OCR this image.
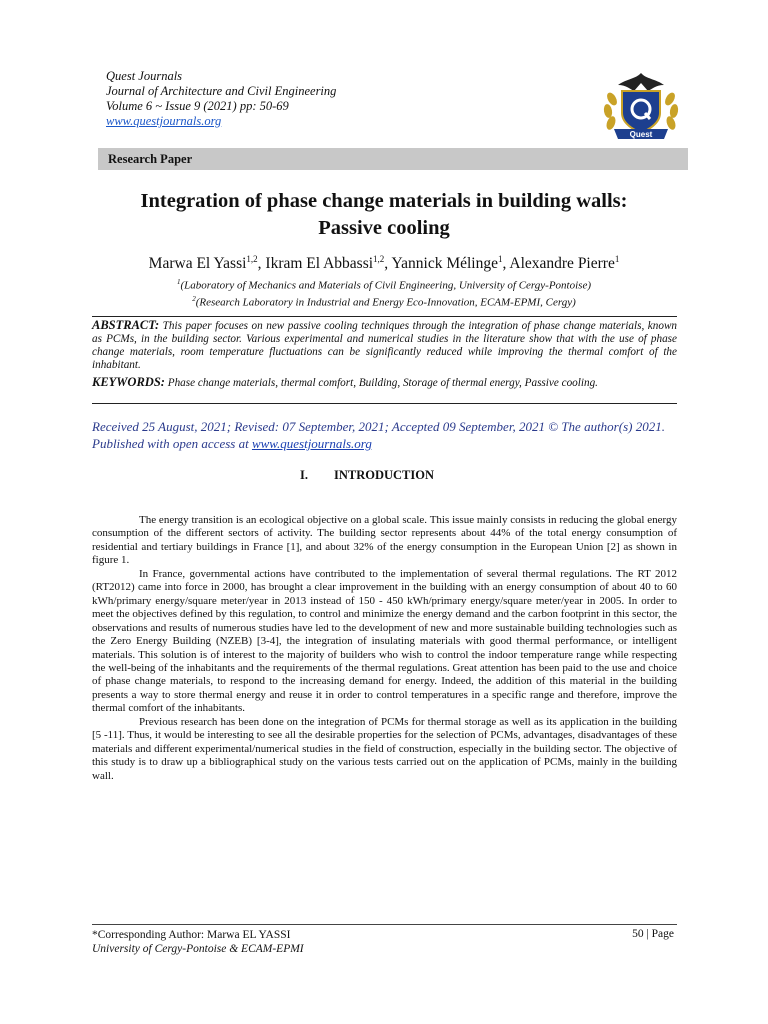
Quest Journals
Journal of Architecture and Civil Engineering
Volume 6 ~ Issue 9 (2021) pp: 50-69
www.questjournals.org
Quest
Research Paper
Integration of phase change materials in building walls:
Passive cooling
Marwa El Yassi$^{1,2}$, Ikram El Abbassi$^{1,2}$, Yannick Mélinge$^1$, Alexandre Pierre$^1$
$^1$(Laboratory of Mechanics and Materials of Civil Engineering, University of Cergy-Pontoise)
$^2$(Research Laboratory in Industrial and Energy Eco-Innovation, ECAM-EPMI, Cergy)
ABSTRACT: This paper focuses on new passive cooling techniques through the integration of phase change materials, known as PCMs, in the building sector. Various experimental and numerical studies in the literature show that with the use of phase change materials, room temperature fluctuations can be significantly reduced while improving the thermal comfort of the inhabitant.
KEYWORDS: Phase change materials, thermal comfort, Building, Storage of thermal energy, Passive cooling.
Received 25 August, 2021; Revised: 07 September, 2021; Accepted 09 September, 2021 © The author(s) 2021. Published with open access at www.questjournals.org
I. INTRODUCTION

The energy transition is an ecological objective on a global scale. This issue mainly consists in reducing the global energy consumption of the different sectors of activity. The building sector represents about 44% of the total energy consumption of residential and tertiary buildings in France [1], and about 32% of the energy consumption in the European Union [2] as shown in figure 1.

In France, governmental actions have contributed to the implementation of several thermal regulations. The RT 2012 (RT2012) came into force in 2000, has brought a clear improvement in the building with an energy consumption of about 40 to 60 kWh/primary energy/square meter/year in 2013 instead of 150 - 450 kWh/primary energy/square meter/year in 2005. In order to meet the objectives defined by this regulation, to control and minimize the energy demand and the carbon footprint in this sector, the observations and results of numerous studies have led to the development of new and more sustainable building technologies such as the Zero Energy Building (NZEB) [3-4], the integration of insulating materials with good thermal performance, or intelligent materials. This solution is of interest to the majority of builders who wish to control the indoor temperature range while respecting the well-being of the inhabitants and the requirements of the thermal regulations. Great attention has been paid to the use and choice of phase change materials, to respond to the increasing demand for energy. Indeed, the addition of this material in the building presents a way to store thermal energy and reuse it in order to control temperatures in a specific range and therefore, improve the thermal comfort of the inhabitants.

Previous research has been done on the integration of PCMs for thermal storage as well as its application in the building [5 -11]. Thus, it would be interesting to see all the desirable properties for the selection of PCMs, advantages, disadvantages of these materials and different experimental/numerical studies in the field of construction, especially in the building sector. The objective of this study is to draw up a bibliographical study on the various tests carried out on the application of PCMs, mainly in the building wall.

*Corresponding Author: Marwa EL YASSI
University of Cergy-Pontoise & ECAM-EPMI
50 | Page
